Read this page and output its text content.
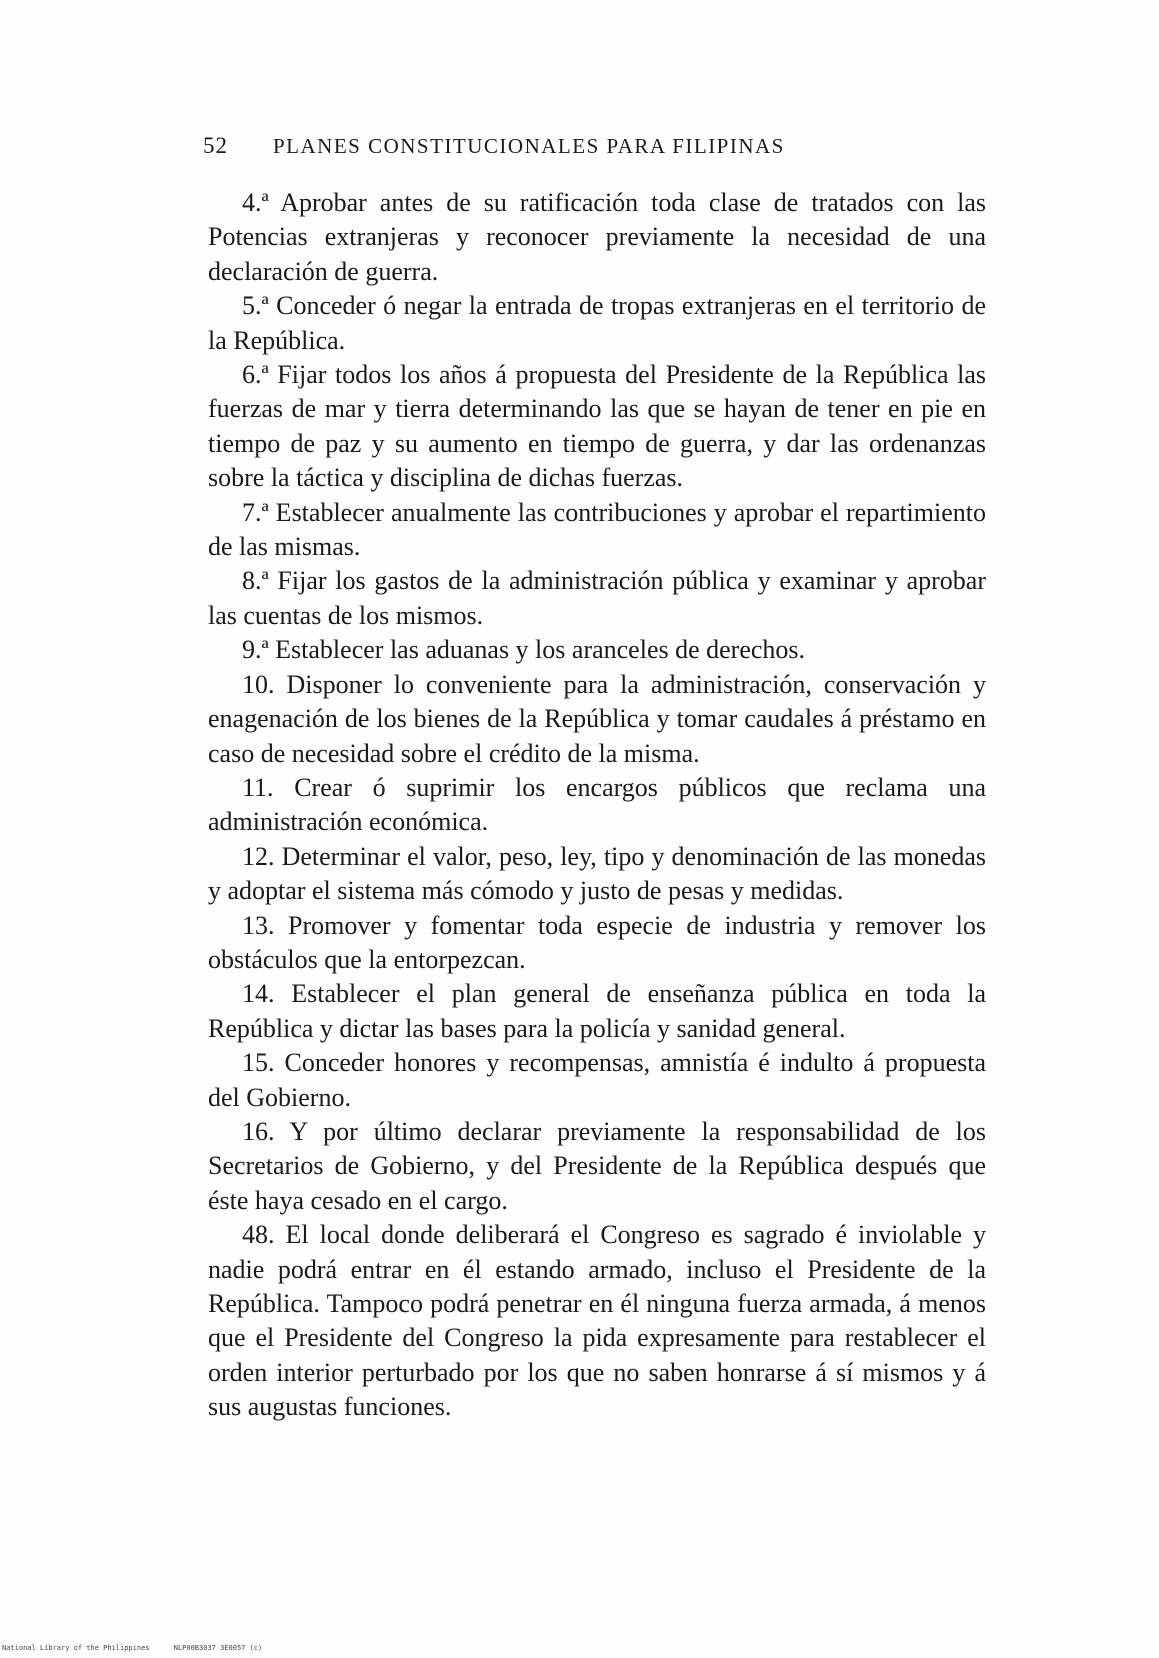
52	PLANES CONSTITUCIONALES PARA FILIPINAS

4.ª Aprobar antes de su ratificación toda clase de tratados con las Potencias extranjeras y reconocer previamente la necesidad de una declaración de guerra.

5.ª Conceder ó negar la entrada de tropas extranjeras en el territorio de la República.

6.ª Fijar todos los años á propuesta del Presidente de la República las fuerzas de mar y tierra determinando las que se hayan de tener en pie en tiempo de paz y su aumento en tiempo de guerra, y dar las ordenanzas sobre la táctica y disciplina de dichas fuerzas.

7.ª Establecer anualmente las contribuciones y aprobar el repartimiento de las mismas.

8.ª Fijar los gastos de la administración pública y examinar y aprobar las cuentas de los mismos.

9.ª Establecer las aduanas y los aranceles de derechos.

10. Disponer lo conveniente para la administración, conservación y enagenación de los bienes de la República y tomar caudales á préstamo en caso de necesidad sobre el crédito de la misma.

11. Crear ó suprimir los encargos públicos que reclama una administración económica.

12. Determinar el valor, peso, ley, tipo y denominación de las monedas y adoptar el sistema más cómodo y justo de pesas y medidas.

13. Promover y fomentar toda especie de industria y remover los obstáculos que la entorpezcan.

14. Establecer el plan general de enseñanza pública en toda la República y dictar las bases para la policía y sanidad general.

15. Conceder honores y recompensas, amnistía é indulto á propuesta del Gobierno.

16. Y por último declarar previamente la responsabilidad de los Secretarios de Gobierno, y del Presidente de la República después que éste haya cesado en el cargo.

48. El local donde deliberará el Congreso es sagrado é inviolable y nadie podrá entrar en él estando armado, incluso el Presidente de la República. Tampoco podrá penetrar en él ninguna fuerza armada, á menos que el Presidente del Congreso la pida expresamente para restablecer el orden interior perturbado por los que no saben honrarse á sí mismos y á sus augustas funciones.

National Library of the Philippines	NLP00B3037 3E0057 (c)
